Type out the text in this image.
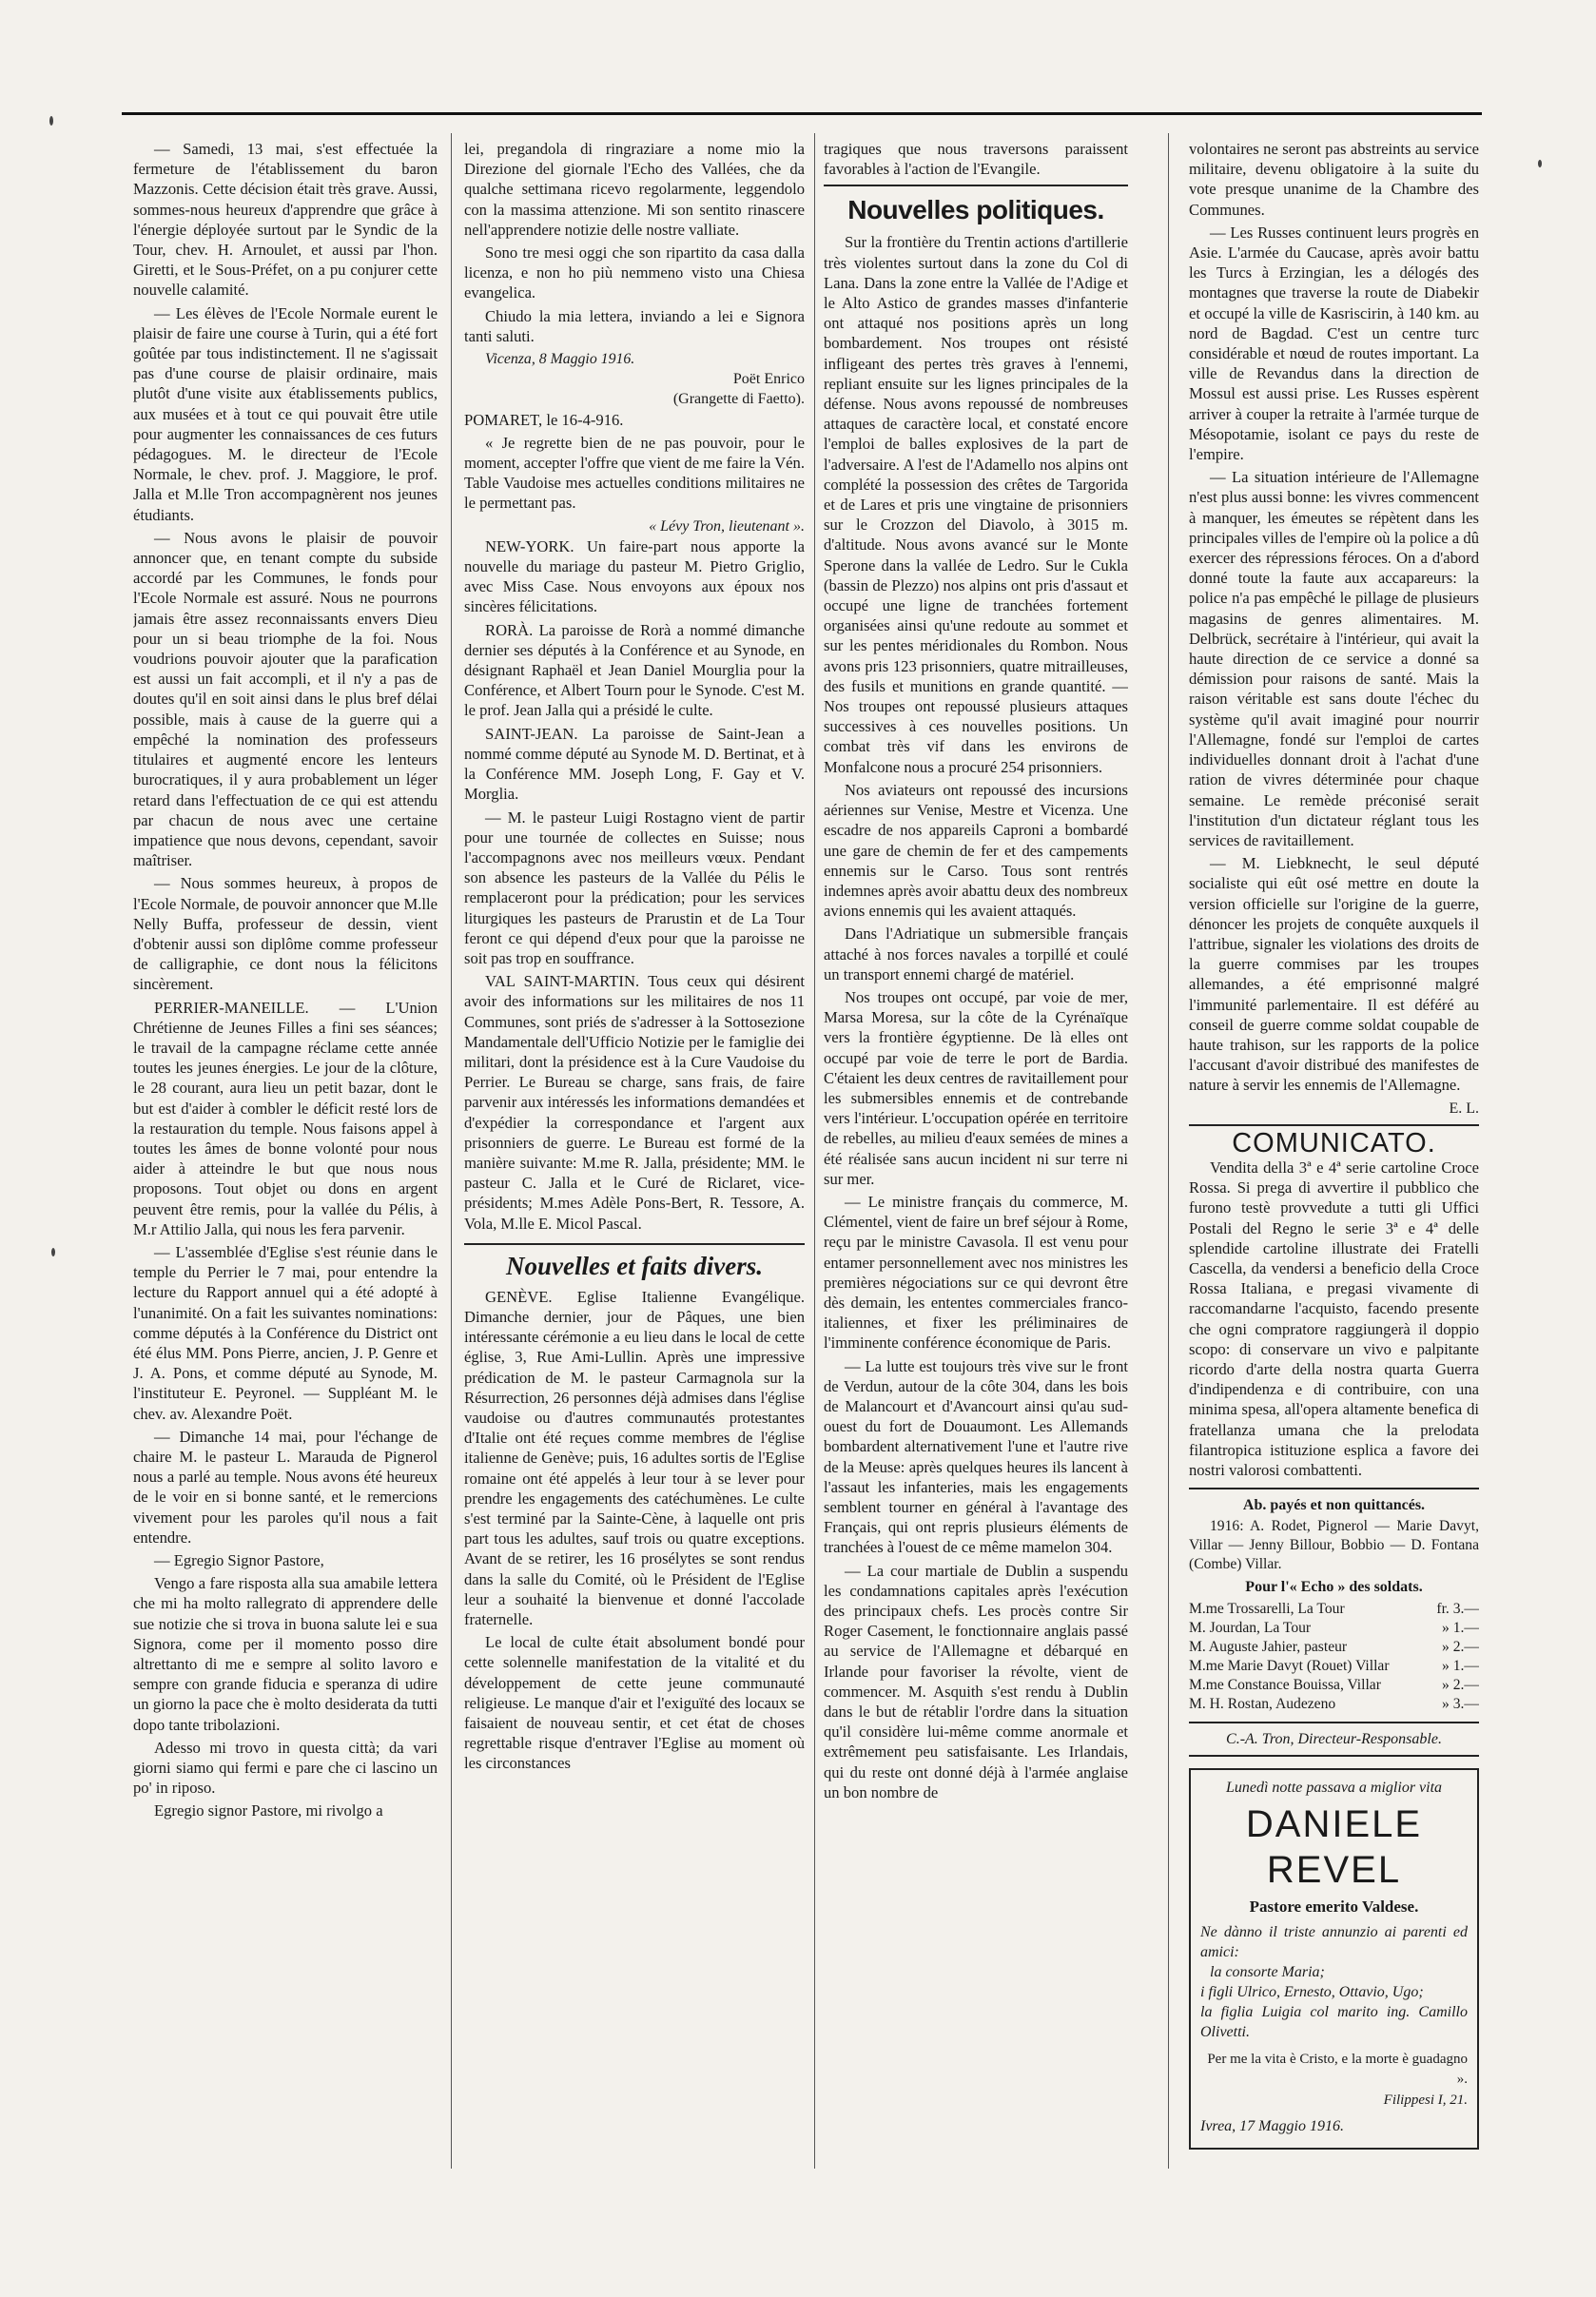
— Samedi, 13 mai, s'est effectuée la fermeture de l'établissement du baron Mazzonis. Cette décision était très grave. Aussi, sommes-nous heureux d'apprendre que grâce à l'énergie déployée surtout par le Syndic de la Tour, chev. H. Arnoulet, et aussi par l'hon. Giretti, et le Sous-Préfet, on a pu conjurer cette nouvelle calamité.

— Les élèves de l'Ecole Normale eurent le plaisir de faire une course à Turin, qui a été fort goûtée par tous indistinctement. Il ne s'agissait pas d'une course de plaisir ordinaire, mais plutôt d'une visite aux établissements publics, aux musées et à tout ce qui pouvait être utile pour augmenter les connaissances de ces futurs pédagogues. M. le directeur de l'Ecole Normale, le chev. prof. J. Maggiore, le prof. Jalla et M.lle Tron accompagnèrent nos jeunes étudiants.

— Nous avons le plaisir de pouvoir annoncer que, en tenant compte du subside accordé par les Communes, le fonds pour l'Ecole Normale est assuré. Nous ne pourrons jamais être assez reconnaissants envers Dieu pour un si beau triomphe de la foi. Nous voudrions pouvoir ajouter que la parafication est aussi un fait accompli, et il n'y a pas de doutes qu'il en soit ainsi dans le plus bref délai possible, mais à cause de la guerre qui a empêché la nomination des professeurs titulaires et augmenté encore les lenteurs burocratiques, il y aura probablement un léger retard dans l'effectuation de ce qui est attendu par chacun de nous avec une certaine impatience que nous devons, cependant, savoir maîtriser.

— Nous sommes heureux, à propos de l'Ecole Normale, de pouvoir annoncer que M.lle Nelly Buffa, professeur de dessin, vient d'obtenir aussi son diplôme comme professeur de calligraphie, ce dont nous la félicitons sincèrement.

PERRIER-MANEILLE. — L'Union Chrétienne de Jeunes Filles a fini ses séances; le travail de la campagne réclame cette année toutes les jeunes énergies. Le jour de la clôture, le 28 courant, aura lieu un petit bazar, dont le but est d'aider à combler le déficit resté lors de la restauration du temple. Nous faisons appel à toutes les âmes de bonne volonté pour nous aider à atteindre le but que nous nous proposons. Tout objet ou dons en argent peuvent être remis, pour la vallée du Pélis, à M.r Attilio Jalla, qui nous les fera parvenir.

— L'assemblée d'Eglise s'est réunie dans le temple du Perrier le 7 mai, pour entendre la lecture du Rapport annuel qui a été adopté à l'unanimité. On a fait les suivantes nominations: comme députés à la Conférence du District ont été élus MM. Pons Pierre, ancien, J. P. Genre et J. A. Pons, et comme député au Synode, M. l'instituteur E. Peyronel. — Suppléant M. le chev. av. Alexandre Poët.

— Dimanche 14 mai, pour l'échange de chaire M. le pasteur L. Marauda de Pignerol nous a parlé au temple. Nous avons été heureux de le voir en si bonne santé, et le remercions vivement pour les paroles qu'il nous a fait entendre.

— Egregio Signor Pastore,

Vengo a fare risposta alla sua amabile lettera che mi ha molto rallegrato di apprendere delle sue notizie che si trova in buona salute lei e sua Signora, come per il momento posso dire altrettanto di me e sempre al solito lavoro e sempre con grande fiducia e speranza di udire un giorno la pace che è molto desiderata da tutti dopo tante tribolazioni.

Adesso mi trovo in questa città; da vari giorni siamo qui fermi e pare che ci lascino un po' in riposo.

Egregio signor Pastore, mi rivolgo a

lei, pregandola di ringraziare a nome mio la Direzione del giornale l'Echo des Vallées, che da qualche settimana ricevo regolarmente, leggendolo con la massima attenzione. Mi son sentito rinascere nell'apprendere notizie delle nostre valliate.

Sono tre mesi oggi che son ripartito da casa dalla licenza, e non ho più nemmeno visto una Chiesa evangelica.

Chiudo la mia lettera, inviando a lei e Signora tanti saluti.

Vicenza, 8 Maggio 1916.
Poët Enrico
(Grangette di Faetto).

POMARET, le 16-4-916.

« Je regrette bien de ne pas pouvoir, pour le moment, accepter l'offre que vient de me faire la Vén. Table Vaudoise mes actuelles conditions militaires ne le permettant pas.

« Lévy Tron, lieutenant ».

NEW-YORK. Un faire-part nous apporte la nouvelle du mariage du pasteur M. Pietro Griglio, avec Miss Case. Nous envoyons aux époux nos sincères félicitations.

RORÀ. La paroisse de Rorà a nommé dimanche dernier ses députés à la Conférence et au Synode, en désignant Raphaël et Jean Daniel Mourglia pour la Conférence, et Albert Tourn pour le Synode. C'est M. le prof. Jean Jalla qui a présidé le culte.

SAINT-JEAN. La paroisse de Saint-Jean a nommé comme député au Synode M. D. Bertinat, et à la Conférence MM. Joseph Long, F. Gay et V. Morglia.

— M. le pasteur Luigi Rostagno vient de partir pour une tournée de collectes en Suisse; nous l'accompagnons avec nos meilleurs vœux. Pendant son absence les pasteurs de la Vallée du Pélis le remplaceront pour la prédication; pour les services liturgiques les pasteurs de Prarustin et de La Tour feront ce qui dépend d'eux pour que la paroisse ne soit pas trop en souffrance.

VAL SAINT-MARTIN. Tous ceux qui désirent avoir des informations sur les militaires de nos 11 Communes, sont priés de s'adresser à la Sottosezione Mandamentale dell'Ufficio Notizie per le famiglie dei militari, dont la présidence est à la Cure Vaudoise du Perrier. Le Bureau se charge, sans frais, de faire parvenir aux intéressés les informations demandées et d'expédier la correspondance et l'argent aux prisonniers de guerre. Le Bureau est formé de la manière suivante: M.me R. Jalla, présidente; MM. le pasteur C. Jalla et le Curé de Riclaret, vice-présidents; M.mes Adèle Pons-Bert, R. Tessore, A. Vola, M.lle E. Micol Pascal.

Nouvelles et faits divers.

GENÈVE. Eglise Italienne Evangélique. Dimanche dernier, jour de Pâques, une bien intéressante cérémonie a eu lieu dans le local de cette église, 3, Rue Ami-Lullin. Après une impressive prédication de M. le pasteur Carmagnola sur la Résurrection, 26 personnes déjà admises dans l'église vaudoise ou d'autres communautés protestantes d'Italie ont été reçues comme membres de l'église italienne de Genève; puis, 16 adultes sortis de l'Eglise romaine ont été appelés à leur tour à se lever pour prendre les engagements des catéchumènes. Le culte s'est terminé par la Sainte-Cène, à laquelle ont pris part tous les adultes, sauf trois ou quatre exceptions. Avant de se retirer, les 16 prosélytes se sont rendus dans la salle du Comité, où le Président de l'Eglise leur a souhaité la bienvenue et donné l'accolade fraternelle.

Le local de culte était absolument bondé pour cette solennelle manifestation de la vitalité et du développement de cette jeune communauté religieuse. Le manque d'air et l'exiguïté des locaux se faisaient de nouveau sentir, et cet état de choses regrettable risque d'entraver l'Eglise au moment où les circonstances

tragiques que nous traversons paraissent favorables à l'action de l'Evangile.

Nouvelles politiques.

Sur la frontière du Trentin actions d'artillerie très violentes surtout dans la zone du Col di Lana. Dans la zone entre la Vallée de l'Adige et le Alto Astico de grandes masses d'infanterie ont attaqué nos positions après un long bombardement. Nos troupes ont résisté infligeant des pertes très graves à l'ennemi, repliant ensuite sur les lignes principales de la défense. Nous avons repoussé de nombreuses attaques de caractère local, et constaté encore l'emploi de balles explosives de la part de l'adversaire. A l'est de l'Adamello nos alpins ont complété la possession des crêtes de Targorida et de Lares et pris une vingtaine de prisonniers sur le Crozzon del Diavolo, à 3015 m. d'altitude. Nous avons avancé sur le Monte Sperone dans la vallée de Ledro. Sur le Cukla (bassin de Plezzo) nos alpins ont pris d'assaut et occupé une ligne de tranchées fortement organisées ainsi qu'une redoute au sommet et sur les pentes méridionales du Rombon. Nous avons pris 123 prisonniers, quatre mitrailleuses, des fusils et munitions en grande quantité. — Nos troupes ont repoussé plusieurs attaques successives à ces nouvelles positions. Un combat très vif dans les environs de Monfalcone nous a procuré 254 prisonniers.

Nos aviateurs ont repoussé des incursions aériennes sur Venise, Mestre et Vicenza. Une escadre de nos appareils Caproni a bombardé une gare de chemin de fer et des campements ennemis sur le Carso. Tous sont rentrés indemnes après avoir abattu deux des nombreux avions ennemis qui les avaient attaqués.

Dans l'Adriatique un submersible français attaché à nos forces navales a torpillé et coulé un transport ennemi chargé de matériel.

Nos troupes ont occupé, par voie de mer, Marsa Moresa, sur la côte de la Cyrénaïque vers la frontière égyptienne. De là elles ont occupé par voie de terre le port de Bardia. C'étaient les deux centres de ravitaillement pour les submersibles ennemis et de contrebande vers l'intérieur. L'occupation opérée en territoire de rebelles, au milieu d'eaux semées de mines a été réalisée sans aucun incident ni sur terre ni sur mer.

— Le ministre français du commerce, M. Clémentel, vient de faire un bref séjour à Rome, reçu par le ministre Cavasola. Il est venu pour entamer personnellement avec nos ministres les premières négociations sur ce qui devront être dès demain, les ententes commerciales franco-italiennes, et fixer les préliminaires de l'imminente conférence économique de Paris.

— La lutte est toujours très vive sur le front de Verdun, autour de la côte 304, dans les bois de Malancourt et d'Avancourt ainsi qu'au sud-ouest du fort de Douaumont. Les Allemands bombardent alternativement l'une et l'autre rive de la Meuse: après quelques heures ils lancent à l'assaut les infanteries, mais les engagements semblent tourner en général à l'avantage des Français, qui ont repris plusieurs éléments de tranchées à l'ouest de ce même mamelon 304.

— La cour martiale de Dublin a suspendu les condamnations capitales après l'exécution des principaux chefs. Les procès contre Sir Roger Casement, le fonctionnaire anglais passé au service de l'Allemagne et débarqué en Irlande pour favoriser la révolte, vient de commencer. M. Asquith s'est rendu à Dublin dans le but de rétablir l'ordre dans la situation qu'il considère lui-même comme anormale et extrêmement peu satisfaisante. Les Irlandais, qui du reste ont donné déjà à l'armée anglaise un bon nombre de

volontaires ne seront pas abstreints au service militaire, devenu obligatoire à la suite du vote presque unanime de la Chambre des Communes.

— Les Russes continuent leurs progrès en Asie. L'armée du Caucase, après avoir battu les Turcs à Erzingian, les a délogés des montagnes que traverse la route de Diabekir et occupé la ville de Kasriscirin, à 140 km. au nord de Bagdad. C'est un centre turc considérable et nœud de routes important. La ville de Revandus dans la direction de Mossul est aussi prise. Les Russes espèrent arriver à couper la retraite à l'armée turque de Mésopotamie, isolant ce pays du reste de l'empire.

— La situation intérieure de l'Allemagne n'est plus aussi bonne: les vivres commencent à manquer, les émeutes se répètent dans les principales villes de l'empire où la police a dû exercer des répressions féroces. On a d'abord donné toute la faute aux accapareurs: la police n'a pas empêché le pillage de plusieurs magasins de genres alimentaires. M. Delbrück, secrétaire à l'intérieur, qui avait la haute direction de ce service a donné sa démission pour raisons de santé. Mais la raison véritable est sans doute l'échec du système qu'il avait imaginé pour nourrir l'Allemagne, fondé sur l'emploi de cartes individuelles donnant droit à l'achat d'une ration de vivres déterminée pour chaque semaine. Le remède préconisé serait l'institution d'un dictateur réglant tous les services de ravitaillement.

— M. Liebknecht, le seul député socialiste qui eût osé mettre en doute la version officielle sur l'origine de la guerre, dénoncer les projets de conquête auxquels il l'attribue, signaler les violations des droits de la guerre commises par les troupes allemandes, a été emprisonné malgré l'immunité parlementaire. Il est déféré au conseil de guerre comme soldat coupable de haute trahison, sur les rapports de la police l'accusant d'avoir distribué des manifestes de nature à servir les ennemis de l'Allemagne.

E. L.
COMUNICATO.

Vendita della 3ª e 4ª serie cartoline Croce Rossa. Si prega di avvertire il pubblico che furono testè provvedute a tutti gli Uffici Postali del Regno le serie 3ª e 4ª delle splendide cartoline illustrate dei Fratelli Cascella, da vendersi a beneficio della Croce Rossa Italiana, e pregasi vivamente di raccomandarne l'acquisto, facendo presente che ogni compratore raggiungerà il doppio scopo: di conservare un vivo e palpitante ricordo d'arte della nostra quarta Guerra d'indipendenza e di contribuire, con una minima spesa, all'opera altamente benefica di fratellanza umana che la prelodata filantropica istituzione esplica a favore dei nostri valorosi combattenti.

Ab. payés et non quittancés.

1916: A. Rodet, Pignerol — Marie Davyt, Villar — Jenny Billour, Bobbio — D. Fontana (Combe) Villar.

Pour l'« Echo » des soldats.
M.me Trossarelli, La Tour	fr. 3.—
M. Jourdan, La Tour	» 1.—
M. Auguste Jahier, pasteur	» 2.—
M.me Marie Davyt (Rouet) Villar	» 1.—
M.me Constance Bouissa, Villar	» 2.—
M. H. Rostan, Audezeno	» 3.—
C.-A. Tron, Directeur-Responsable.
Lunedì notte passava a miglior vita
DANIELE REVEL
Pastore emerito Valdese.
Ne dànno il triste annunzio ai parenti ed amici:
la consorte Maria;
i figli Ulrico, Ernesto, Ottavio, Ugo;
la figlia Luigia col marito ing. Camillo Olivetti.
Per me la vita è Cristo, e la morte è guadagno ».
Filippesi I, 21.
Ivrea, 17 Maggio 1916.
